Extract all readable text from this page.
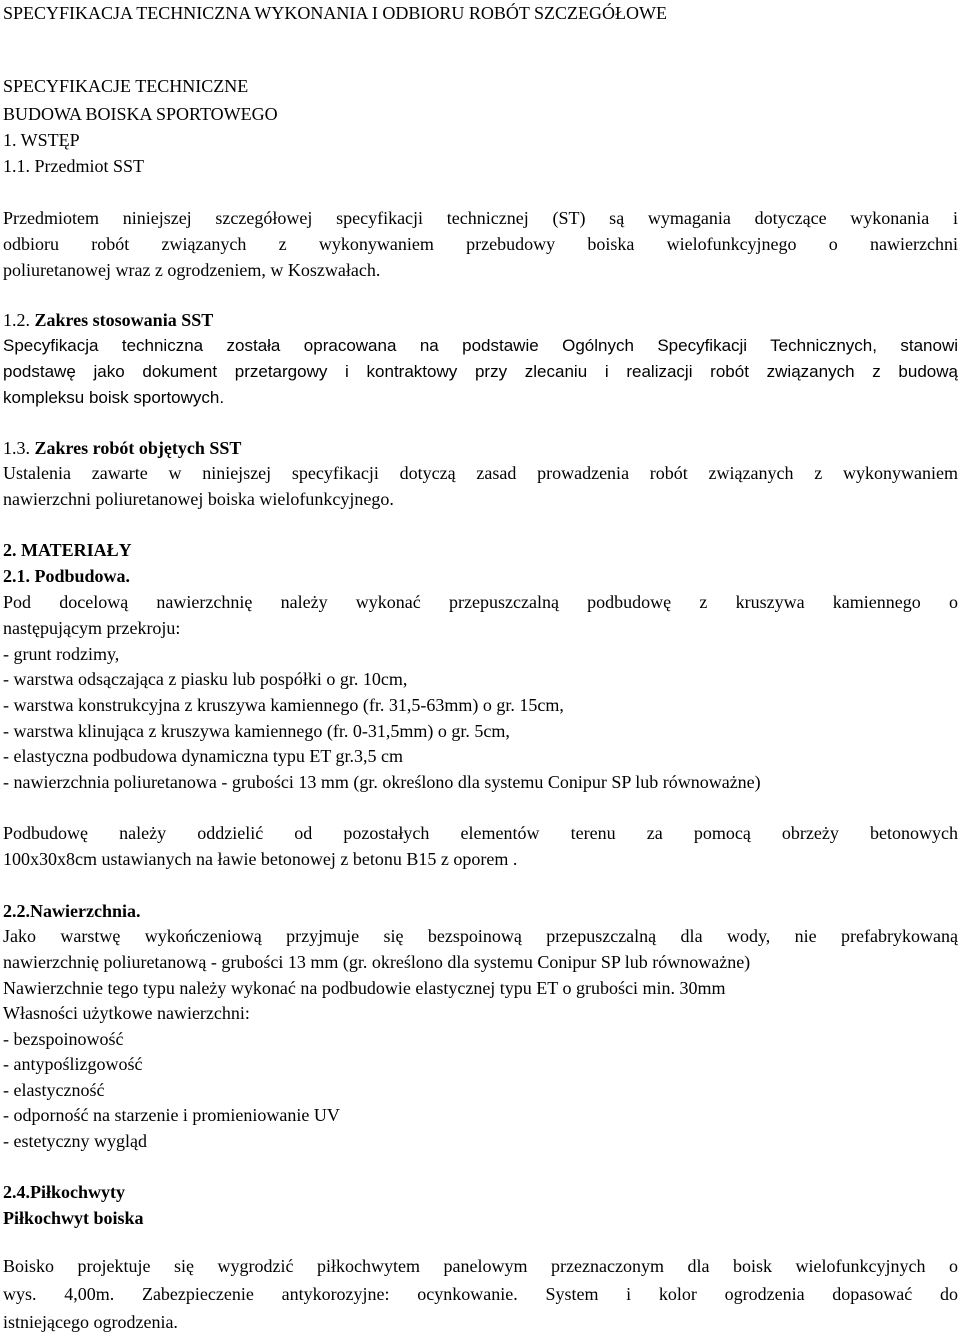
SPECYFIKACJA TECHNICZNA WYKONANIA I ODBIORU ROBÓT SZCZEGÓŁOWE
SPECYFIKACJE TECHNICZNE
BUDOWA BOISKA SPORTOWEGO
1. WSTĘP
1.1. Przedmiot SST
Przedmiotem niniejszej szczegółowej specyfikacji technicznej (ST) są wymagania dotyczące wykonania i
odbioru robót związanych z wykonywaniem przebudowy boiska wielofunkcyjnego o nawierzchni
poliuretanowej wraz z ogrodzeniem, w Koszwałach.
1.2. Zakres stosowania SST
Specyfikacja techniczna została opracowana na podstawie Ogólnych Specyfikacji Technicznych, stanowi
podstawę jako dokument przetargowy i kontraktowy przy zlecaniu i realizacji robót związanych z budową
kompleksu boisk sportowych.
1.3. Zakres robót objętych SST
Ustalenia zawarte w niniejszej specyfikacji dotyczą zasad prowadzenia robót związanych z wykonywaniem
nawierzchni poliuretanowej boiska wielofunkcyjnego.
2. MATERIAŁY
2.1. Podbudowa.
Pod docelową nawierzchnię należy wykonać przepuszczalną podbudowę z kruszywa kamiennego o
następującym przekroju:
- grunt rodzimy,
- warstwa odsączająca z piasku lub pospółki o gr. 10cm,
- warstwa konstrukcyjna z kruszywa kamiennego (fr. 31,5-63mm) o gr. 15cm,
- warstwa klinująca z kruszywa kamiennego (fr. 0-31,5mm) o gr. 5cm,
- elastyczna podbudowa dynamiczna typu ET gr.3,5 cm
- nawierzchnia poliuretanowa - grubości 13 mm (gr. określono dla systemu Conipur SP lub równoważne)
Podbudowę należy oddzielić od pozostałych elementów terenu za pomocą obrzeży betonowych
100x30x8cm ustawianych na ławie betonowej z betonu B15 z oporem .
2.2.Nawierzchnia.
Jako warstwę wykończeniową przyjmuje się bezspoinową przepuszczalną dla wody, nie prefabrykowaną
nawierzchnię poliuretanową - grubości 13 mm (gr. określono dla systemu Conipur SP lub równoważne)
Nawierzchnie tego typu należy wykonać na podbudowie elastycznej typu ET o grubości min. 30mm
Własności użytkowe nawierzchni:
- bezspoinowość
- antypoślizgowość
- elastyczność
- odporność na starzenie i promieniowanie UV
- estetyczny wygląd
2.4.Piłkochwyty
Piłkochwyt boiska
Boisko projektuje się wygrodzić piłkochwytem panelowym przeznaczonym dla boisk wielofunkcyjnych o
wys. 4,00m. Zabezpieczenie antykorozyjne: ocynkowanie. System i kolor ogrodzenia dopasować do
istniejącego ogrodzenia.
